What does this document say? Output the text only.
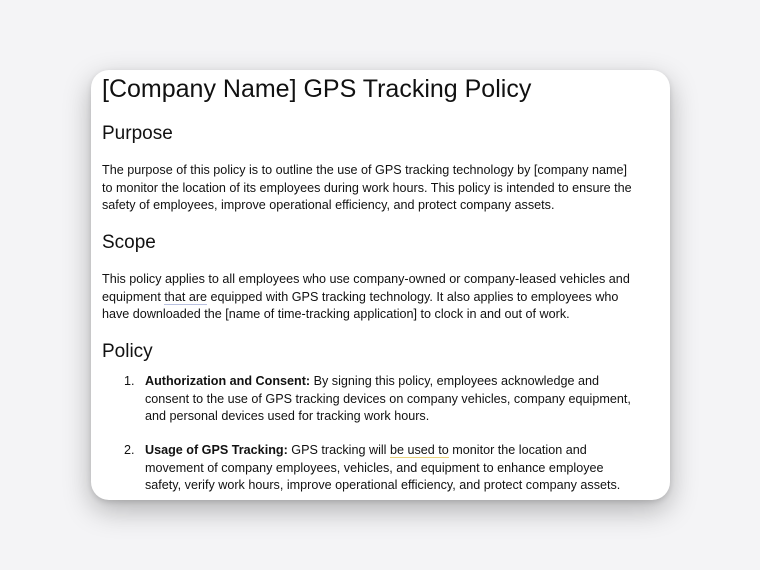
[Company Name] GPS Tracking Policy
Purpose
The purpose of this policy is to outline the use of GPS tracking technology by [company name]
to monitor the location of its employees during work hours. This policy is intended to ensure the
safety of employees, improve operational efficiency, and protect company assets.
Scope
This policy applies to all employees who use company-owned or company-leased vehicles and
equipment that are equipped with GPS tracking technology. It also applies to employees who
have downloaded the [name of time-tracking application] to clock in and out of work.
Policy
1. Authorization and Consent: By signing this policy, employees acknowledge and
consent to the use of GPS tracking devices on company vehicles, company equipment,
and personal devices used for tracking work hours.
2. Usage of GPS Tracking: GPS tracking will be used to monitor the location and
movement of company employees, vehicles, and equipment to enhance employee
safety, verify work hours, improve operational efficiency, and protect company assets.
